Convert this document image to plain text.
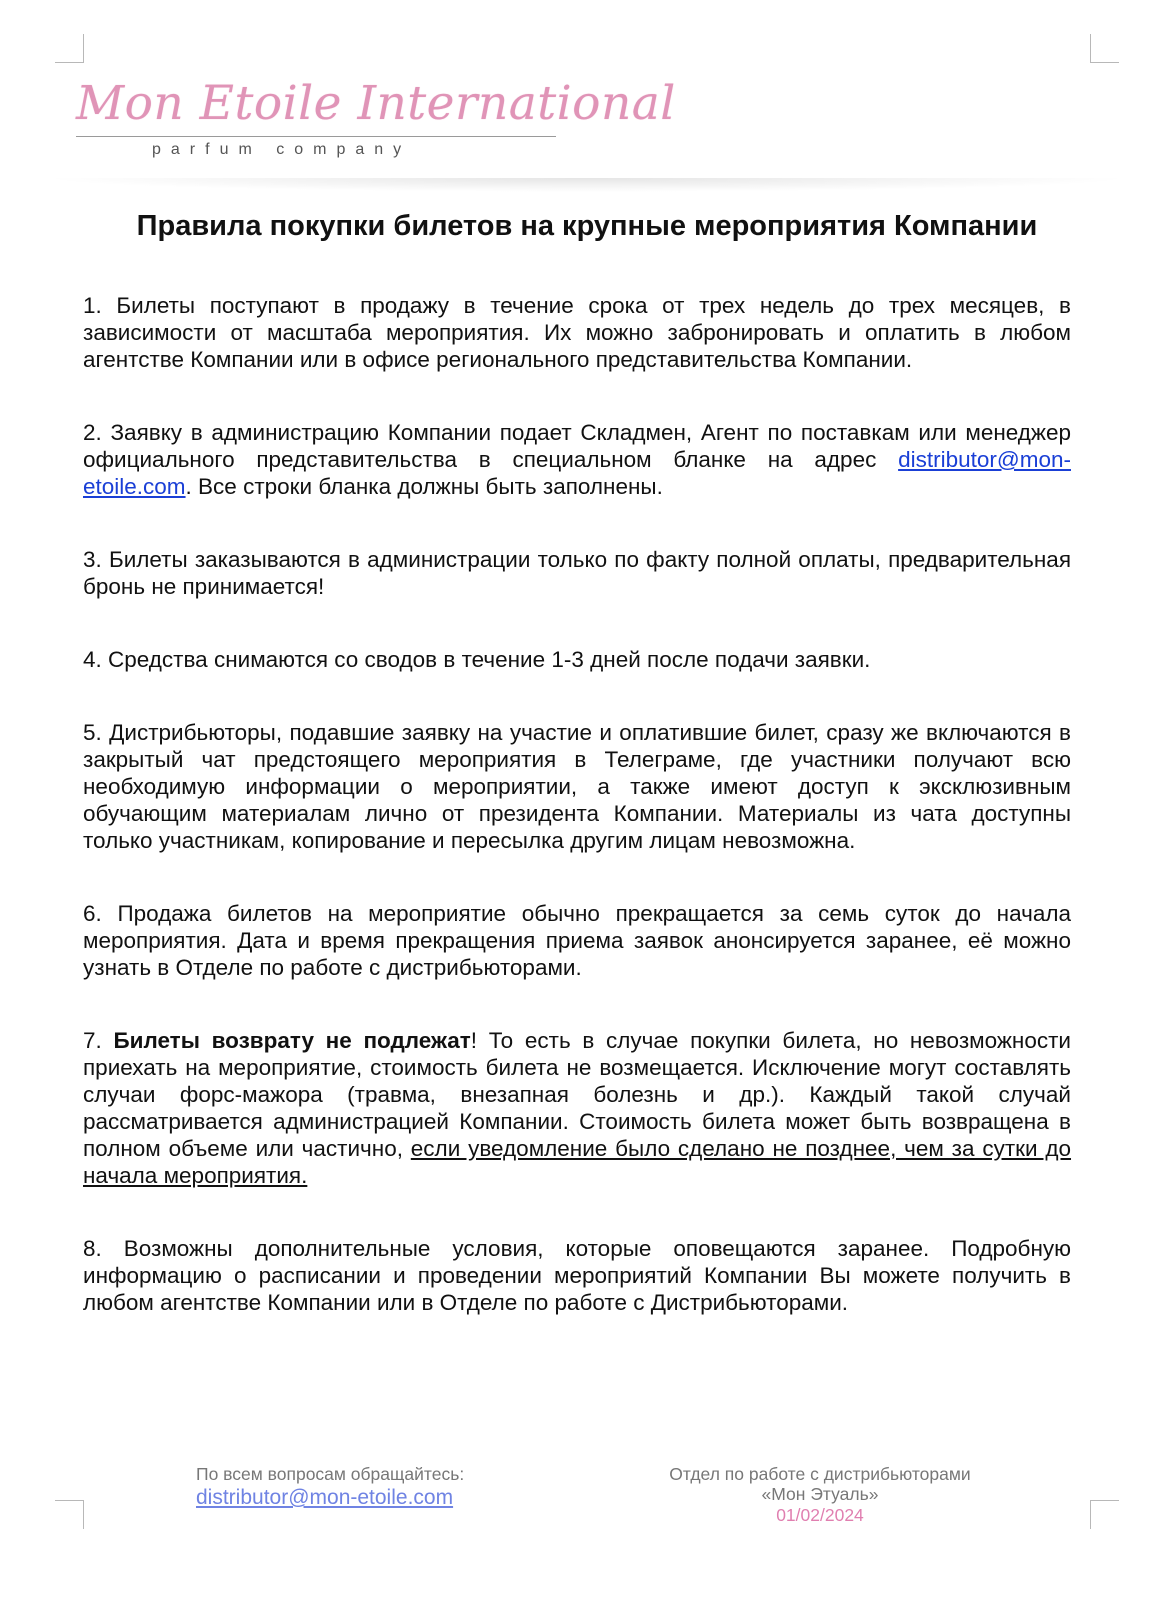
Mon Etoile International
parfum company
Правила покупки билетов на крупные мероприятия Компании

1. Билеты поступают в продажу в течение срока от трех недель до трех месяцев, в зависимости от масштаба мероприятия. Их можно забронировать и оплатить в любом агентстве Компании или в офисе регионального представительства Компании.

2. Заявку в администрацию Компании подает Складмен, Агент по поставкам или менеджер официального представительства в специальном бланке на адрес distributor@mon-etoile.com. Все строки бланка должны быть заполнены.

3. Билеты заказываются в администрации только по факту полной оплаты, предварительная бронь не принимается!

4. Средства снимаются со сводов в течение 1-3 дней после подачи заявки.

5. Дистрибьюторы, подавшие заявку на участие и оплатившие билет, сразу же включаются в закрытый чат предстоящего мероприятия в Телеграме, где участники получают всю необходимую информации о мероприятии, а также имеют доступ к эксклюзивным обучающим материалам лично от президента Компании. Материалы из чата доступны только участникам, копирование и пересылка другим лицам невозможна.

6. Продажа билетов на мероприятие обычно прекращается за семь суток до начала мероприятия. Дата и время прекращения приема заявок анонсируется заранее, её можно узнать в Отделе по работе с дистрибьюторами.

7. Билеты возврату не подлежат! То есть в случае покупки билета, но невозможности приехать на мероприятие, стоимость билета не возмещается. Исключение могут составлять случаи форс-мажора (травма, внезапная болезнь и др.). Каждый такой случай рассматривается администрацией Компании. Стоимость билета может быть возвращена в полном объеме или частично, если уведомление было сделано не позднее, чем за сутки до начала мероприятия.

8. Возможны дополнительные условия, которые оповещаются заранее. Подробную информацию о расписании и проведении мероприятий Компании Вы можете получить в любом агентстве Компании или в Отделе по работе с Дистрибьюторами.

По всем вопросам обращайтесь:
distributor@mon-etoile.com
Отдел по работе с дистрибьюторами
«Мон Этуаль»
01/02/2024
